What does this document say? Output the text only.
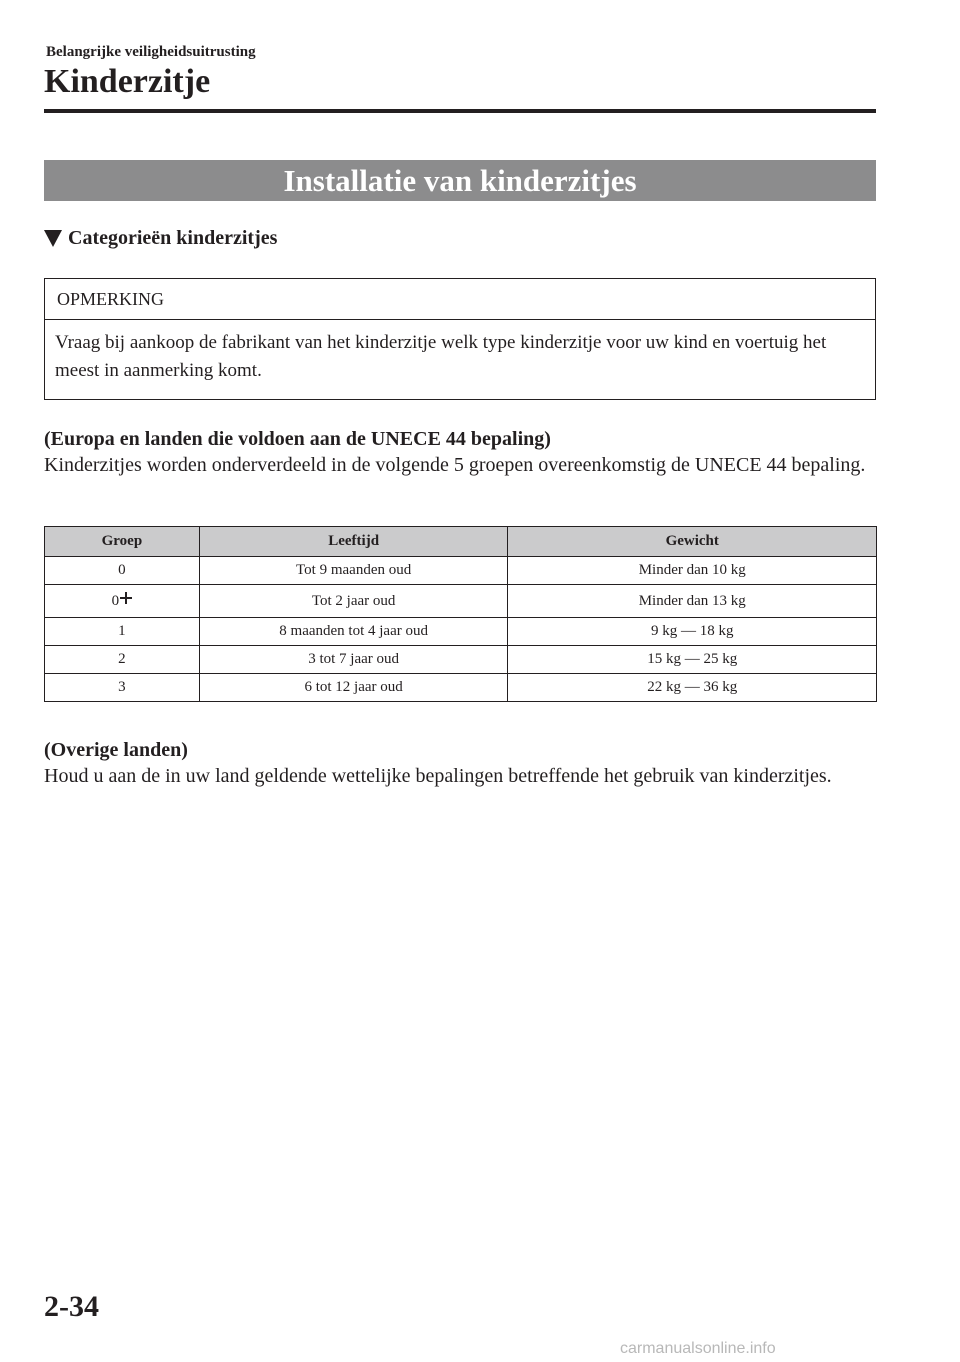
Belangrijke veiligheidsuitrusting
Kinderzitje
Installatie van kinderzitjes
Categorieën kinderzitjes
OPMERKING
Vraag bij aankoop de fabrikant van het kinderzitje welk type kinderzitje voor uw kind en voertuig het meest in aanmerking komt.
(Europa en landen die voldoen aan de UNECE 44 bepaling)
Kinderzitjes worden onderverdeeld in de volgende 5 groepen overeenkomstig de UNECE 44 bepaling.
Groep	Leeftijd	Gewicht
0	Tot 9 maanden oud	Minder dan 10 kg
0	Tot 2 jaar oud	Minder dan 13 kg
1	8 maanden tot 4 jaar oud	9 kg — 18 kg
2	3 tot 7 jaar oud	15 kg — 25 kg
3	6 tot 12 jaar oud	22 kg — 36 kg
(Overige landen)
Houd u aan de in uw land geldende wettelijke bepalingen betreffende het gebruik van kinderzitjes.
2-34
carmanualsonline.info
